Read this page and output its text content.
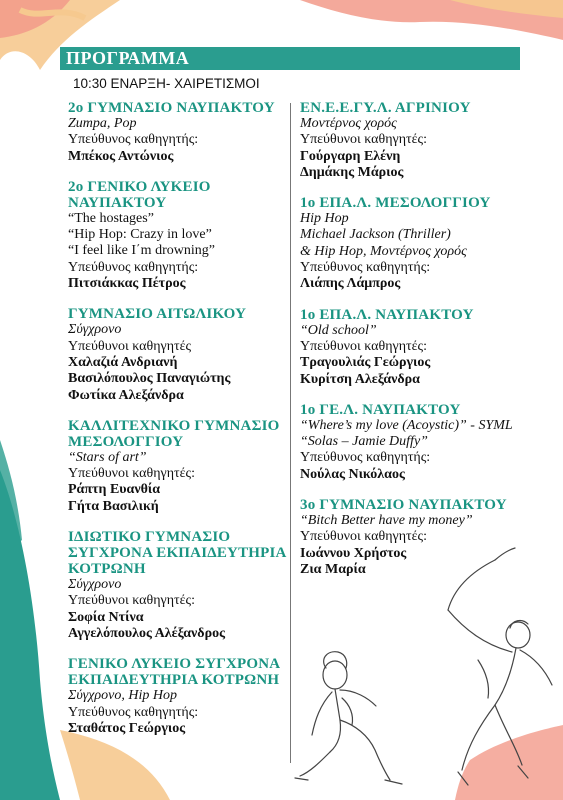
ΠΡΟΓΡΑΜΜΑ
10:30 ΕΝΑΡΞΗ- ΧΑΙΡΕΤΙΣΜΟΙ
2ο ΓΥΜΝΑΣΙΟ ΝΑΥΠΑΚΤΟΥ
Zumpa, Pop
Υπεύθυνος καθηγητής:
Μπέκος Αντώνιος
2ο ΓΕΝΙΚΟ ΛΥΚΕΙΟ ΝΑΥΠΑΚΤΟΥ
“The hostages”
“Hip Hop: Crazy in love”
“I feel like I΄m drowning”
Υπεύθυνος καθηγητής:
Πιτσιάκκας Πέτρος
ΓΥΜΝΑΣΙΟ ΑΙΤΩΛΙΚΟΥ
Σύγχρονο
Υπεύθυνοι καθηγητές
Χαλαζιά Ανδριανή
Βασιλόπουλος Παναγιώτης
Φωτίκα Αλεξάνδρα
ΚΑΛΛΙΤΕΧΝΙΚΟ ΓΥΜΝΑΣΙΟ ΜΕΣΟΛΟΓΓΙΟΥ
“Stars of art”
Υπεύθυνοι καθηγητές:
Ράπτη Ευανθία
Γήτα Βασιλική
ΙΔΙΩΤΙΚΟ ΓΥΜΝΑΣΙΟ ΣΥΓΧΡΟΝΑ ΕΚΠΑΙΔΕΥΤΗΡΙΑ ΚΟΤΡΩΝΗ
Σύγχρονο
Υπεύθυνοι καθηγητές:
Σοφία Ντίνα
Αγγελόπουλος Αλέξανδρος
ΓΕΝΙΚΟ ΛΥΚΕΙΟ ΣΥΓΧΡΟΝΑ ΕΚΠΑΙΔΕΥΤΗΡΙΑ ΚΟΤΡΩΝΗ
Σύγχρονο, Hip Hop
Υπεύθυνος καθηγητής:
Σταθάτος Γεώργιος
ΕΝ.Ε.Ε.ΓΥ.Λ. ΑΓΡΙΝΙΟΥ
Μοντέρνος χορός
Υπεύθυνοι καθηγητές:
Γούργαρη Ελένη
Δημάκης Μάριος
1ο ΕΠΑ.Λ. ΜΕΣΟΛΟΓΓΙΟΥ
Hip Hop
Michael Jackson (Thriller)
& Hip Hop, Μοντέρνος χορός
Υπεύθυνος καθηγητής:
Λιάπης Λάμπρος
1ο ΕΠΑ.Λ. ΝΑΥΠΑΚΤΟΥ
“Old school”
Υπεύθυνοι καθηγητές:
Τραγουλιάς Γεώργιος
Κυρίτση Αλεξάνδρα
1ο ΓΕ.Λ. ΝΑΥΠΑΚΤΟΥ
“Where’s my love (Acoystic)” - SYML
“Solas – Jamie Duffy”
Υπεύθυνος καθηγητής:
Νούλας Νικόλαος
3ο ΓΥΜΝΑΣΙΟ ΝΑΥΠΑΚΤΟΥ
“Bitch Better have my money”
Υπεύθυνοι καθηγητές:
Ιωάννου Χρήστος
Ζια Μαρία
